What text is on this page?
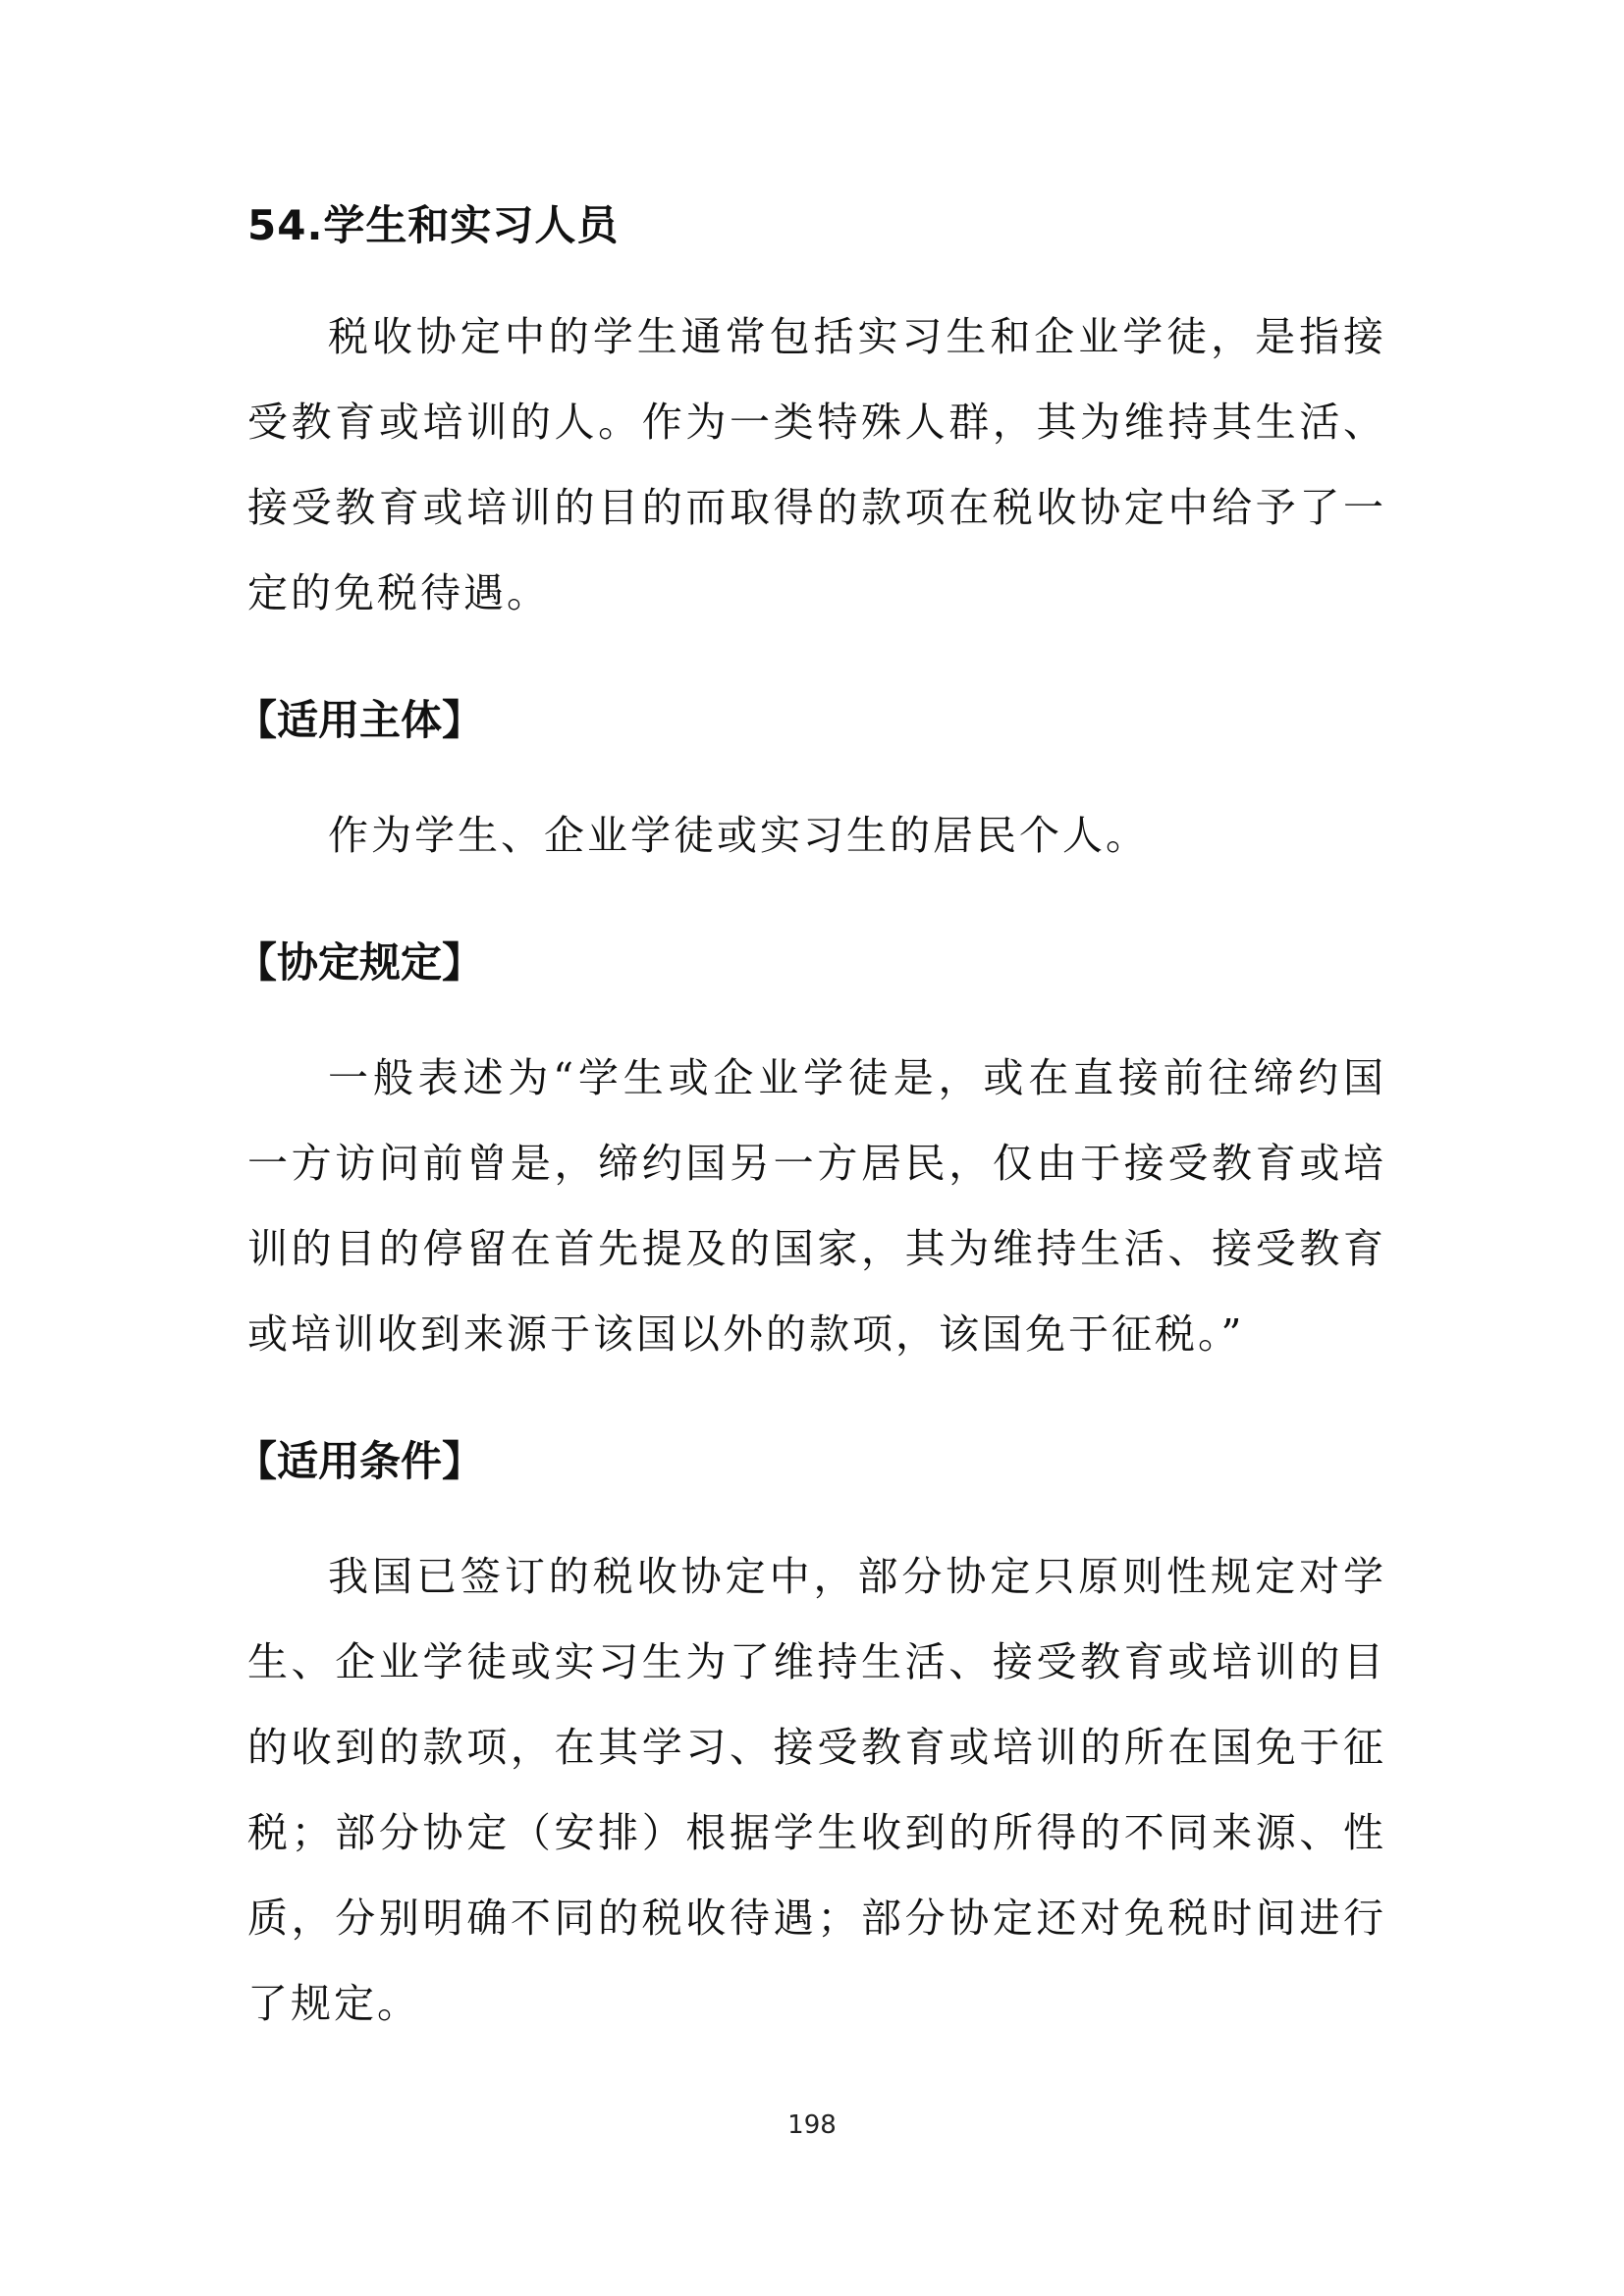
54.学生和实习人员

税收协定中的学生通常包括实习生和企业学徒，是指接受教育或培训的人。作为一类特殊人群，其为维持其生活、接受教育或培训的目的而取得的款项在税收协定中给予了一定的免税待遇。

【适用主体】

作为学生、企业学徒或实习生的居民个人。

【协定规定】

一般表述为“学生或企业学徒是，或在直接前往缔约国一方访问前曾是，缔约国另一方居民，仅由于接受教育或培训的目的停留在首先提及的国家，其为维持生活、接受教育或培训收到来源于该国以外的款项，该国免于征税。”

【适用条件】

我国已签订的税收协定中，部分协定只原则性规定对学生、企业学徒或实习生为了维持生活、接受教育或培训的目的收到的款项，在其学习、接受教育或培训的所在国免于征税；部分协定（安排）根据学生收到的所得的不同来源、性质，分别明确不同的税收待遇；部分协定还对免税时间进行了规定。

198
